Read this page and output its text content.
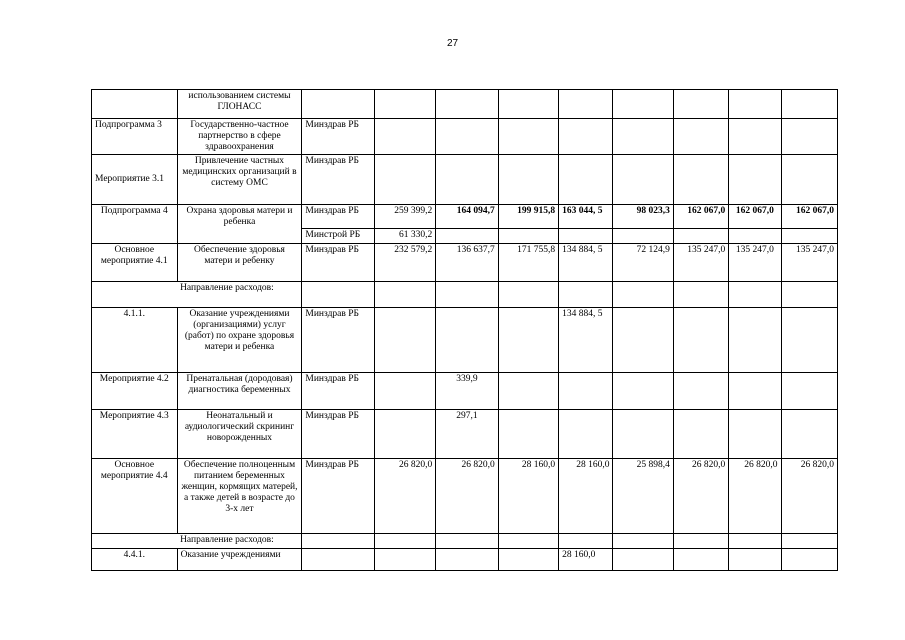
27
	использованием системы ГЛОНАСС									
Подпрограмма 3	Государственно-частное партнерство в сфере здравоохранения	Минздрав РБ								
Мероприятие 3.1	Привлечение частных медицинских организаций в систему ОМС	Минздрав РБ								
Подпрограмма 4	Охрана здоровья матери и ребенка	Минздрав РБ	259 399,2	164 094,7	199 915,8	163 044, 5	98 023,3	162 067,0	162 067,0	162 067,0
		Минстрой РБ	61 330,2							
Основное мероприятие 4.1	Обеспечение здоровья матери и ребенку	Минздрав РБ	232 579,2	136 637,7	171 755,8	134 884, 5	72 124,9	135 247,0	135 247,0	135 247,0
	Направление расходов:									
4.1.1.	Оказание учреждениями (организациями) услуг (работ) по охране здоровья матери и ребенка	Минздрав РБ				134 884, 5				
Мероприятие 4.2	Пренатальная (дородовая) диагностика беременных	Минздрав РБ		339,9						
Мероприятие 4.3	Неонатальный и аудиологический скрининг новорожденных	Минздрав РБ		297,1						
Основное мероприятие 4.4	Обеспечение полноценным питанием беременных женщин, кормящих матерей, а также детей в возрасте до 3-х лет	Минздрав РБ	26 820,0	26 820,0	28 160,0	28 160,0	25 898,4	26 820,0	26 820,0	26 820,0
	Направление расходов:									
4.4.1.	Оказание учреждениями					28 160,0				
